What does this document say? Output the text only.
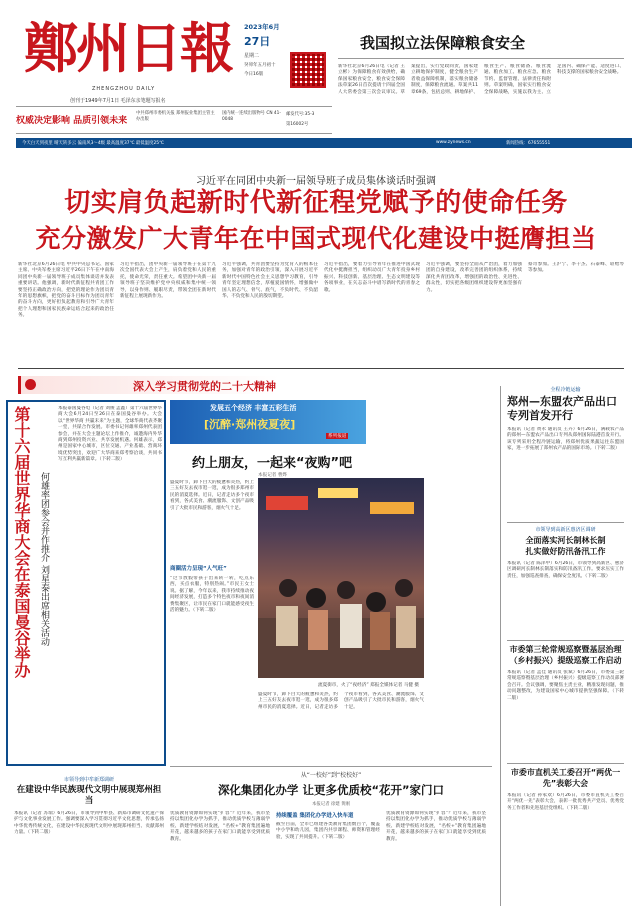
鄭州日報
ZHENGZHOU DAILY
创刊于1949年7月1日 毛泽东亲笔题写报名
2023年6月
27日
星期二
癸卯年五月初十
今日16版
权威决定影响 品质引领未来
中共郑州市委机关报 郑州报业集团主管主办出版
国内统一连续出版物号 CN 41-0048
邮发代号:35-3
第16002号
今天白天到夜里 晴天转多云 偏南风3～4级 最高温度37℃ 最低温度25℃	www.zynews.cn	新闻热线：67655551
我国拟立法保障粮食安全
新华社北京6月26日电（记者 王立彬）为保障粮食有效供给，确保国家粮食安全，粮食安全保障法草案26日首次提请十四届全国人大常委会第三次会议审议。草案提出，实行党政同责，国家建立耕地保护制度，健全粮食生产者收益保障机制，落实粮食储备制度，保障粮食流通。草案共11章69条，包括总则、耕地保护、粮食生产、粮食储备、粮食流通、粮食加工、粮食应急、粮食节约、监督管理、法律责任和附则。草案明确，国家实行粮食安全保障战略，实施以我为主、立足国内、确保产能、适度进口、科技支撑的国家粮食安全战略。
习近平在同团中央新一届领导班子成员集体谈话时强调
切实肩负起新时代新征程党赋予的使命任务
充分激发广大青年在中国式现代化建设中挺膺担当
新华社北京6月26日电 中共中央总书记、国家主席、中央军委主席习近平26日下午在中南海同团中央新一届领导班子成员集体谈话并发表重要讲话。他强调，新时代新征程共青团工作要坚持正确政治方向，把党的理论作为团员青年的思想旗帜，把党的奋斗目标作为团员青年的奋斗方向，更好担负起教育和引导广大青年把个人理想和国家民族命运结合起来的政治任务。
习近平指出，团中央新一届领导班子在第十九次全国代表大会上产生，肩负着党和人民的重托，使命光荣，责任重大。希望团中央新一届领导班子坚决维护党中央权威和集中统一领导，以身作则、履职尽责，带领全团在新时代新征程上展现新作为。
习近平强调，共青团要坚持为党育人的根本任务，加强对青年的政治引领，深入开展习近平新时代中国特色社会主义思想学习教育，引导青年坚定理想信念，厚植爱国情怀，增强做中国人的志气、骨气、底气，不负时代、不负韶华、不负党和人民的殷切期望。
习近平指出，要着力引导青年在推进中国式现代化中挺膺担当，组织动员广大青年投身乡村振兴、科技创新、基层治理、生态文明建设等各项事业，在矢志奋斗中谱写新时代的青春之歌。
习近平强调，要坚持全面从严治团，着力加强团的自身建设，改革完善团的组织体系，持续深化共青团改革，增强团的政治性、先进性、群众性，切实把各级团组织建设得更加坚强有力。
蔡奇参加。王沪宁、李干杰、石泰峰、谌贻琴等参加。
深入学习贯彻党的二十大精神
第十六届世界华商大会在泰国曼谷举办 何雄率团参会并作推介 刘星泰出席相关活动
本报泰国曼谷电（记者 刘俊 孟鑫）第十六届世界华商大会6月24日至26日在泰国曼谷举办。大会以“世界华商 共赢未来”为主题，全球华商代表齐聚一堂，共谋合作发展。市委书记何雄率郑州代表团参会，并在大会主题论坛上作推介，诚邀海内外华商到郑州投资兴业、共享发展机遇。何雄表示，郑州是国家中心城市，区位交通、产业基础、营商环境优势突出，欢迎广大华商来郑考察洽谈，共同书写互利共赢新篇章。（下转二版）
发展五个经济 丰富五彩生活
[沉醉·郑州夜夏夜]
系列报道
约上朋友，一起来“夜购”吧
本报记者 曹烨
盛夏时节，卸下白天的疲惫和炎热，约上三五好友去夜市逛一逛，成为很多郑州市民的消夏选择。近日，记者走访多个夜市看到，各式美食、潮流服饰、文创产品吸引了大批市民和游客，烟火气十足。
商圈活力呈现“人气旺”
“过节放假带孩子出来转一转，吃点东西，买点衣服，特别热闹。”市民王女士说。据了解，今年以来，我市持续推动夜间经济发展，打造多个特色夜市和夜间消费集聚区，让市民在家门口就能感受夜生活的魅力。（下转二版）
流夏街市，火了“夜经济” 郑报全媒体记者 马健 摄
盛夏时节，卸下白天的疲惫和炎热，约上三五好友去夜市逛一逛，成为很多郑州市民的消夏选择。近日，记者走访多个夜市看到，各式美食、潮流服饰、文创产品吸引了大批市民和游客，烟火气十足。
全程冷链运输
郑州—东盟农产品出口专列首发开行
本报讯（记者 黄永 通讯员 王卉）6月26日，满载农产品的郑州—东盟农产品出口专列从郑州国际陆港首发开行。该专列采用全程冷链运输，将郑州优质果蔬运往东盟国家，进一步拓展了郑州农产品的国际市场。（下转二版）
市领导到高新区惠济区调研
全面落实河长制林长制
扎实做好防汛备汛工作
本报讯（记者 陈泽中）6月26日，市领导到高新区、惠济区调研河长制林长制落实和防汛备汛工作。要求压实工作责任，加强巡查排查，确保安全度汛。（下转二版）
市委第三轮常规巡察暨基层治理（乡村振兴）提级巡察工作启动
本报讯（记者 孟佳 通讯员 张斌）6月26日，市委第三轮常规巡察暨基层治理（乡村振兴）提级巡察工作动员部署会召开。会议强调，要聚焦主责主业，精准发现问题，推动问题整改，为建设国家中心城市提供坚强保障。（下转二版）
市委市直机关工委召开“两优一先”表彰大会
本报讯（记者 孙家欢）6月26日，市委市直机关工委召开“两优一先”表彰大会，表彰一批优秀共产党员、优秀党务工作者和先进基层党组织。（下转二版）
市领导到中牟新郑调研
在建设中华民族现代文明中展现郑州担当
本报讯（记者 苏瑞）6月26日，市领导到中牟县、新郑市调研文化遗产保护与文化事业发展工作。强调要深入学习贯彻习近平文化思想，传承弘扬中华优秀传统文化，在建设中华民族现代文明中展现郑州担当、贡献郑州力量。（下转二版）
从“一校好”到“校校好”
深化集团化办学 让更多优质校“花开”家门口
本报记者 徐建 黄刚
优质教育资源如何实现“扩容”？近年来，我市坚持以集团化办学为抓手，推动优质学校与薄弱学校、新建学校结对发展，“名校+”教育集团遍地开花，越来越多的孩子在家门口就能享受到优质教育。
持续覆盖 集团化办学进入快车道
截至目前，全市已组建各类教育集团数百个，覆盖中小学和幼儿园，集团内共享课程、师资和管理经验，实现了共同提升。（下转二版）
优质教育资源如何实现“扩容”？近年来，我市坚持以集团化办学为抓手，推动优质学校与薄弱学校、新建学校结对发展，“名校+”教育集团遍地开花，越来越多的孩子在家门口就能享受到优质教育。
